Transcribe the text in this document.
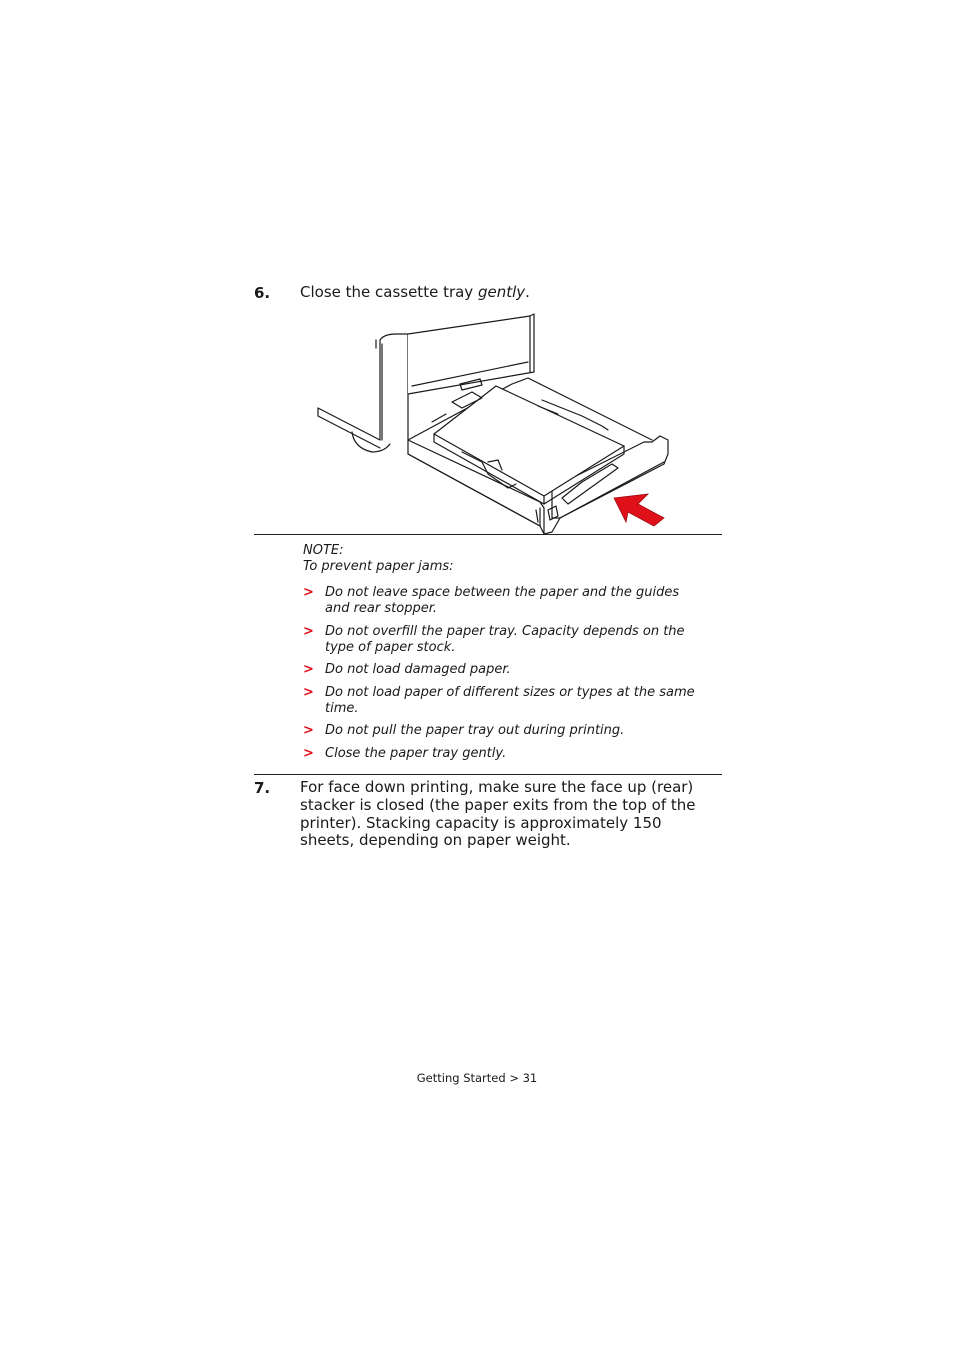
6. Close the cassette tray gently.
NOTE:
To prevent paper jams:
> Do not leave space between the paper and the guides and rear stopper.
> Do not overfill the paper tray. Capacity depends on the type of paper stock.
> Do not load damaged paper.
> Do not load paper of different sizes or types at the same time.
> Do not pull the paper tray out during printing.
> Close the paper tray gently.
7. For face down printing, make sure the face up (rear) stacker is closed (the paper exits from the top of the printer). Stacking capacity is approximately 150 sheets, depending on paper weight.
Getting Started > 31
